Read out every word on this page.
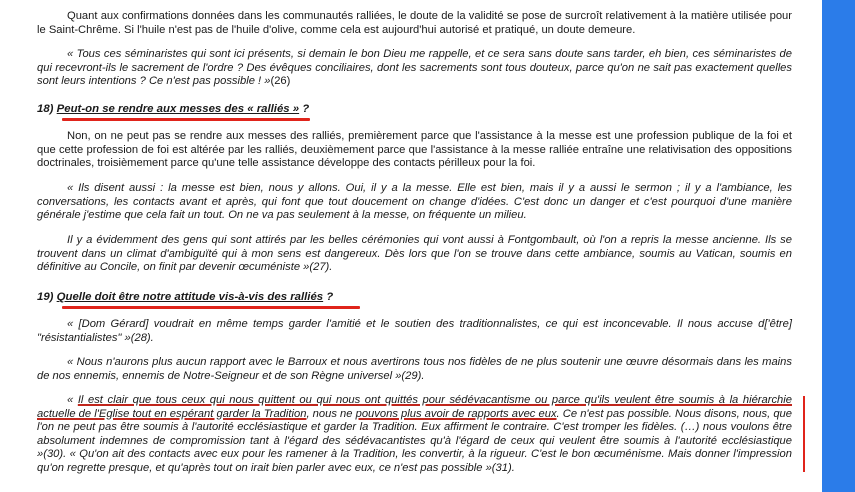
Quant aux confirmations données dans les communautés ralliées, le doute de la validité se pose de surcroît relativement à la matière utilisée pour le Saint-Chrême. Si l'huile n'est pas de l'huile d'olive, comme cela est aujourd'hui autorisé et pratiqué, un doute demeure.

« Tous ces séminaristes qui sont ici présents, si demain le bon Dieu me rappelle, et ce sera sans doute sans tarder, eh bien, ces séminaristes de qui recevront-ils le sacrement de l'ordre ? Des évêques conciliaires, dont les sacrements sont tous douteux, parce qu'on ne sait pas exactement quelles sont leurs intentions ? Ce n'est pas possible ! »(26)

18) Peut-on se rendre aux messes des « ralliés » ?

Non, on ne peut pas se rendre aux messes des ralliés, premièrement parce que l'assistance à la messe est une profession publique de la foi et que cette profession de foi est altérée par les ralliés, deuxièmement parce que l'assistance à la messe ralliée entraîne une relativisation des oppositions doctrinales, troisièmement parce qu'une telle assistance développe des contacts périlleux pour la foi.

« Ils disent aussi : la messe est bien, nous y allons. Oui, il y a la messe. Elle est bien, mais il y a aussi le sermon ; il y a l'ambiance, les conversations, les contacts avant et après, qui font que tout doucement on change d'idées. C'est donc un danger et c'est pourquoi d'une manière générale j'estime que cela fait un tout. On ne va pas seulement à la messe, on fréquente un milieu.

Il y a évidemment des gens qui sont attirés par les belles cérémonies qui vont aussi à Fontgombault, où l'on a repris la messe ancienne. Ils se trouvent dans un climat d'ambiguïté qui à mon sens est dangereux. Dès lors que l'on se trouve dans cette ambiance, soumis au Vatican, soumis en définitive au Concile, on finit par devenir œcuméniste »(27).

19) Quelle doit être notre attitude vis-à-vis des ralliés ?

« [Dom Gérard] voudrait en même temps garder l'amitié et le soutien des traditionnalistes, ce qui est inconcevable. Il nous accuse d['être] "résistantialistes" »(28).

« Nous n'aurons plus aucun rapport avec le Barroux et nous avertirons tous nos fidèles de ne plus soutenir une œuvre désormais dans les mains de nos ennemis, ennemis de Notre-Seigneur et de son Règne universel »(29).

« Il est clair que tous ceux qui nous quittent ou qui nous ont quittés pour sédévacantisme ou parce qu'ils veulent être soumis à la hiérarchie actuelle de l'Eglise tout en espérant garder la Tradition, nous ne pouvons plus avoir de rapports avec eux. Ce n'est pas possible. Nous disons, nous, que l'on ne peut pas être soumis à l'autorité ecclésiastique et garder la Tradition. Eux affirment le contraire. C'est tromper les fidèles. (…) nous voulons être absolument indemnes de compromission tant à l'égard des sédévacantistes qu'à l'égard de ceux qui veulent être soumis à l'autorité ecclésiastique »(30). « Qu'on ait des contacts avec eux pour les ramener à la Tradition, les convertir, à la rigueur. C'est le bon œcuménisme. Mais donner l'impression qu'on regrette presque, et qu'après tout on irait bien parler avec eux, ce n'est pas possible »(31).
